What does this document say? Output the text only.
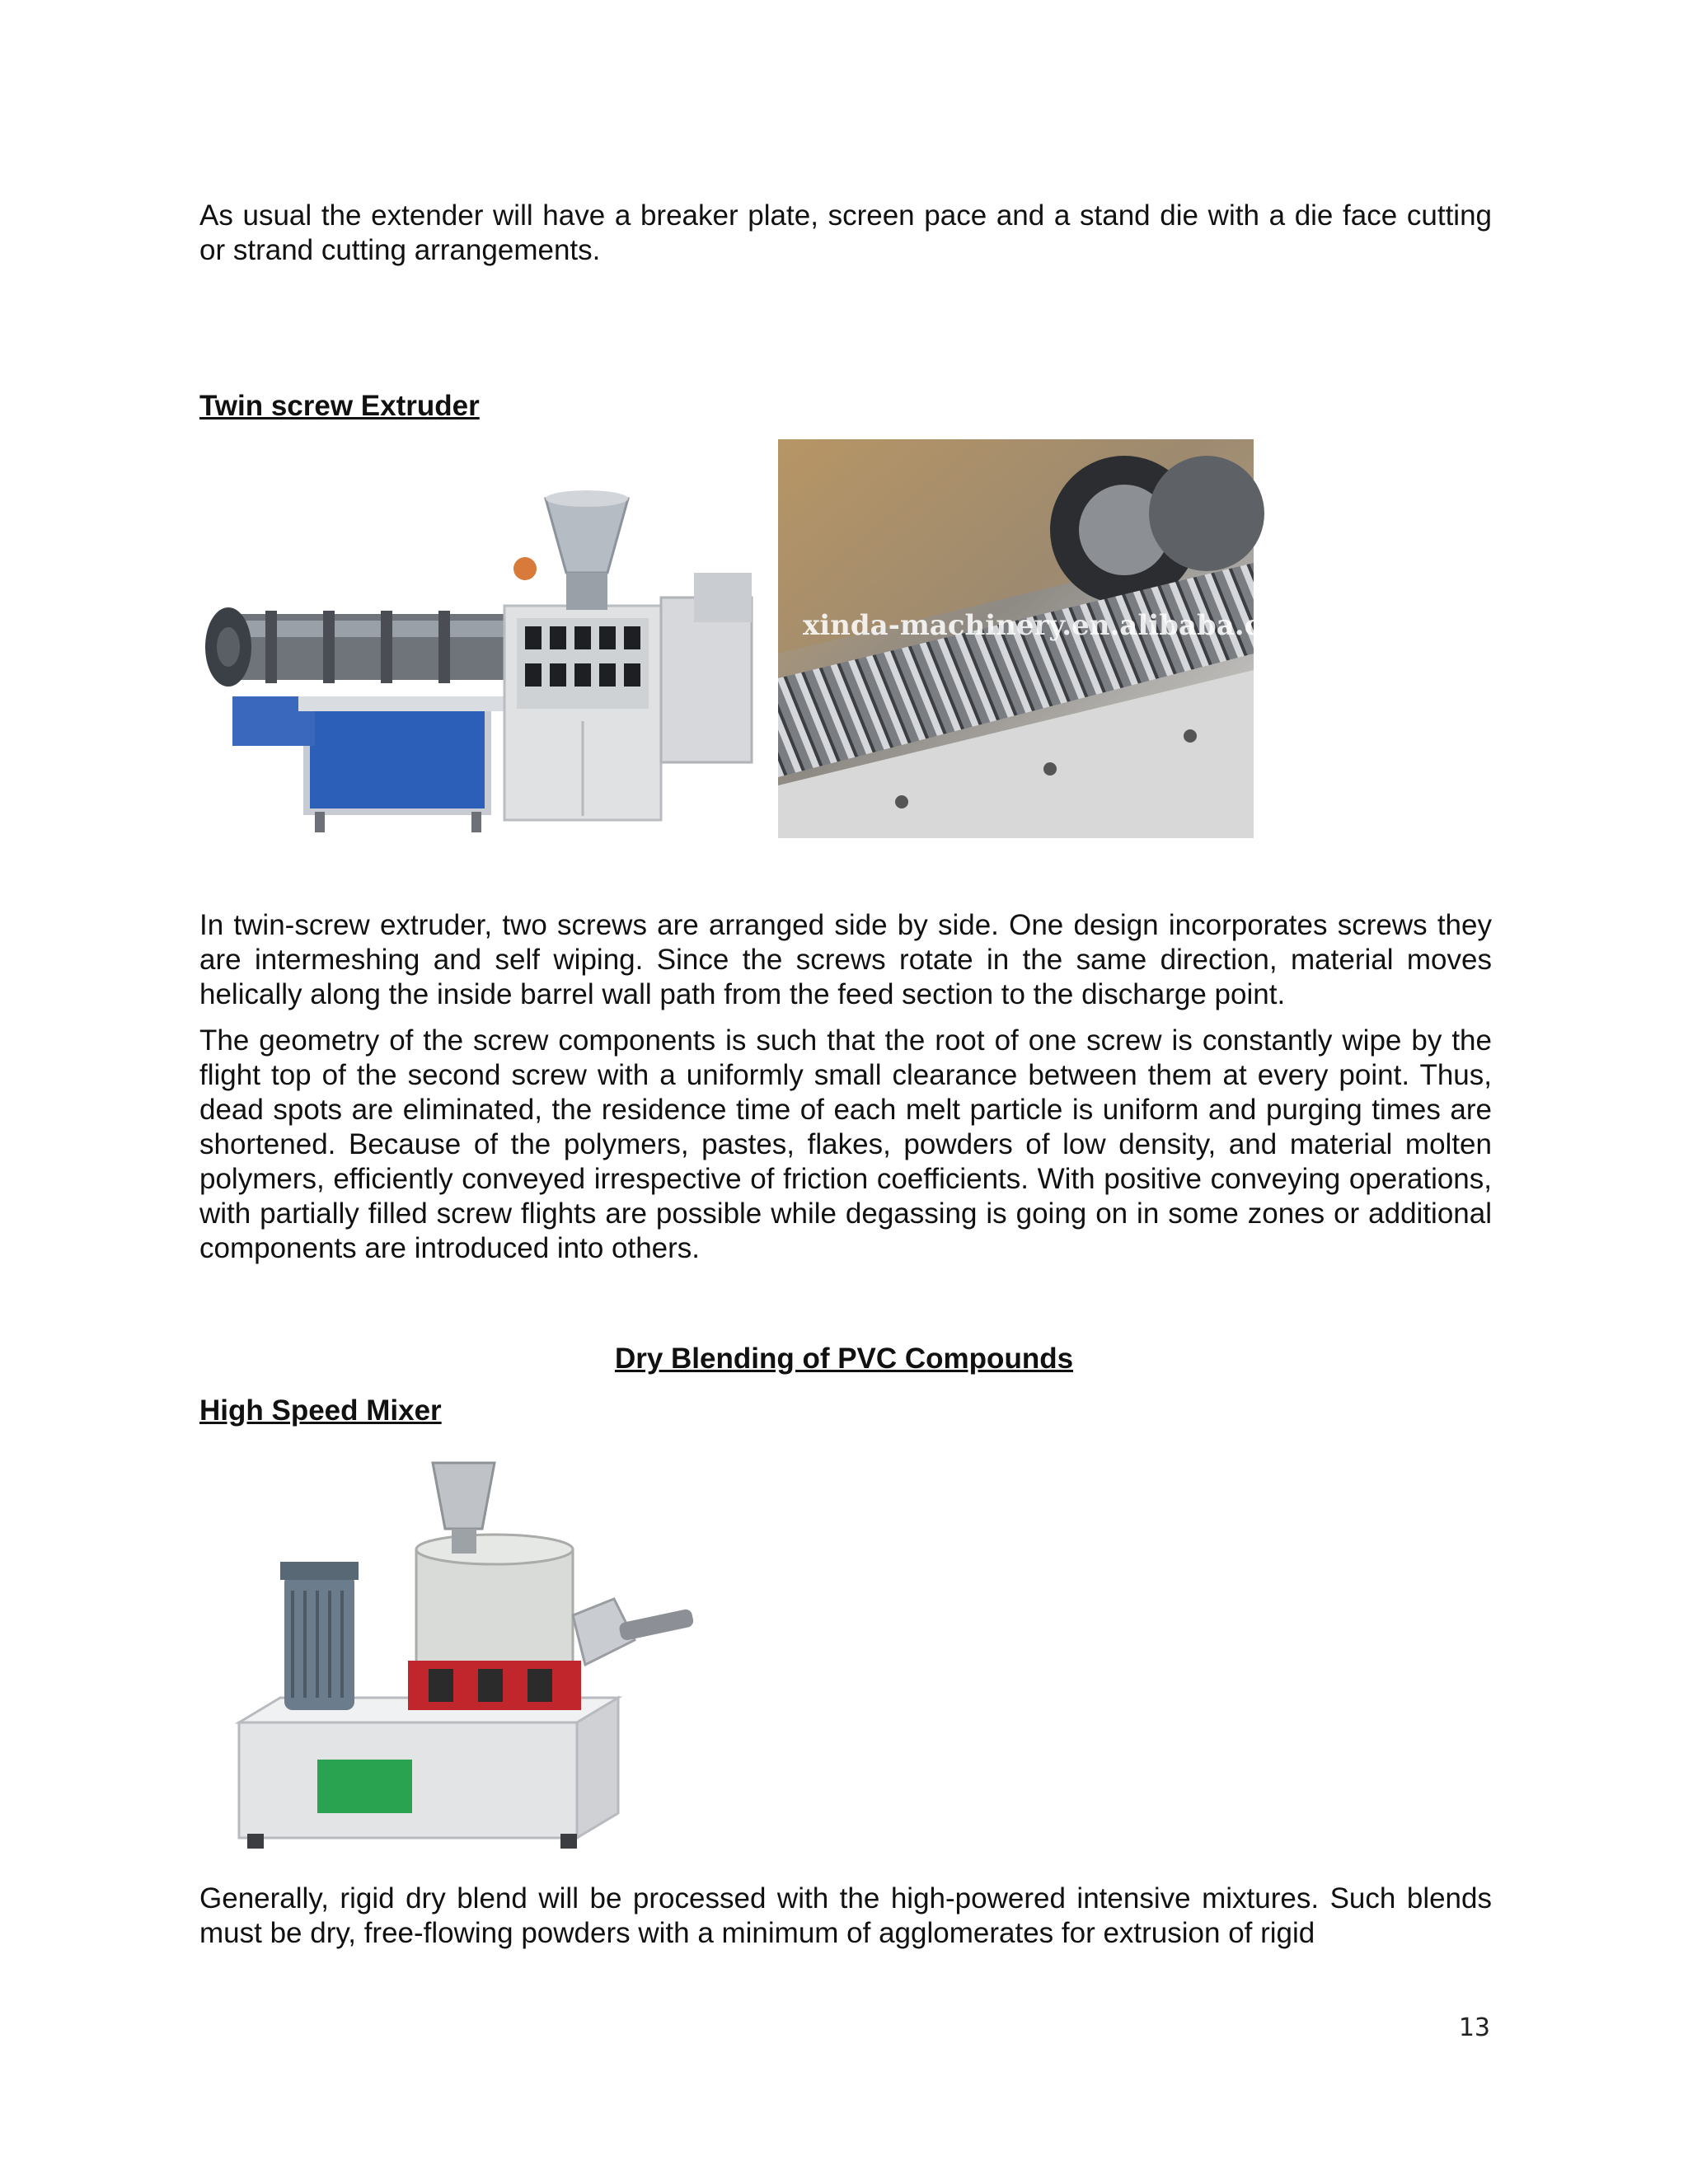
As usual the extender will have a breaker plate, screen pace and a stand die with a die face cutting or strand cutting arrangements.

Twin screw Extruder

xinda-machinery.en.alibaba.com

In twin-screw extruder, two screws are arranged side by side. One design incorporates screws they are intermeshing and self wiping. Since the screws rotate in the same direction, material moves helically along the inside barrel wall path from the feed section to the discharge point.

The geometry of the screw components is such that the root of one screw is constantly wipe by the flight top of the second screw with a uniformly small clearance between them at every point. Thus, dead spots are eliminated, the residence time of each melt particle is uniform and purging times are shortened. Because of the polymers, pastes, flakes, powders of low density, and material molten polymers, efficiently conveyed irrespective of friction coefficients. With positive conveying operations, with partially filled screw flights are possible while degassing is going on in some zones or additional components are introduced into others.

Dry Blending of PVC Compounds

High Speed Mixer

Generally, rigid dry blend will be processed with the high-powered intensive mixtures. Such blends must be dry, free-flowing powders with a minimum of agglomerates for extrusion of rigid

13
